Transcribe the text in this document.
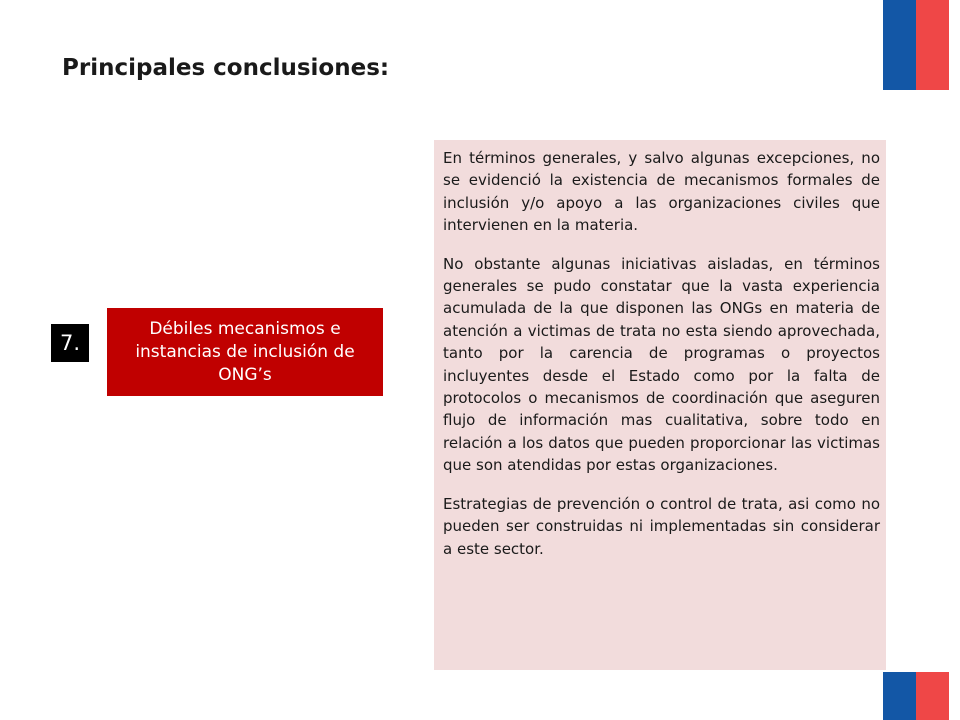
Principales conclusiones:
7.
Débiles mecanismos e instancias de inclusión de ONG’s

En términos generales, y salvo algunas excepciones, no se evidenció la existencia de mecanismos formales de inclusión y/o apoyo a las organizaciones civiles que intervienen en la materia.

No obstante algunas iniciativas aisladas, en términos generales se pudo constatar que la vasta experiencia acumulada de la que disponen las ONGs en materia de atención a victimas de trata no esta siendo aprovechada, tanto por la carencia de programas o proyectos incluyentes desde el Estado como por la falta de protocolos o mecanismos de coordinación que aseguren flujo de información mas cualitativa, sobre todo en relación a los datos que pueden proporcionar las victimas que son atendidas por estas organizaciones.

Estrategias de prevención o control de trata, asi como no pueden ser construidas ni implementadas sin considerar a este sector.
